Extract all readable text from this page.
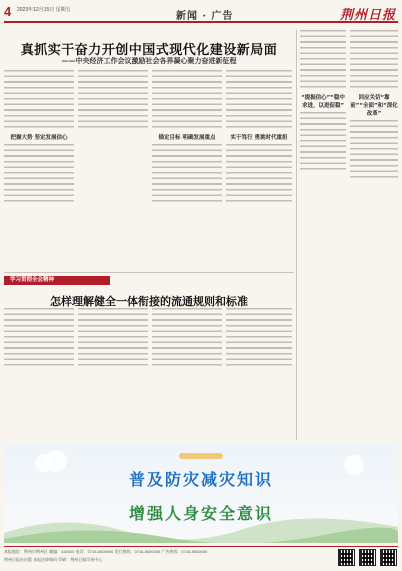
4 2023年12月15日 星期五
新闻 · 广告	荆州日报
真抓实干奋力开创中国式现代化建设新局面
——中央经济工作会议激励社会各界凝心聚力奋进新征程
把握大势 坚定发展信心	锚定目标 明确发展重点	实干笃行 勇挑时代重担
“提振信心”“稳中求进，以进促稳”
回应关切“靠前”“全面”和“深化改革”
学习贯彻全会精神
怎样理解健全一体衔接的流通规则和标准
普及防灾减灾知识
增强人身安全意识
本报地址：荆州市荆州区 邮编：434000 电话：0716-8000000 发行热线：0716-8000000 广告热线：0716-8000000
荆州日报社出版 本报法律顾问 印刷：荆州日报印务中心
